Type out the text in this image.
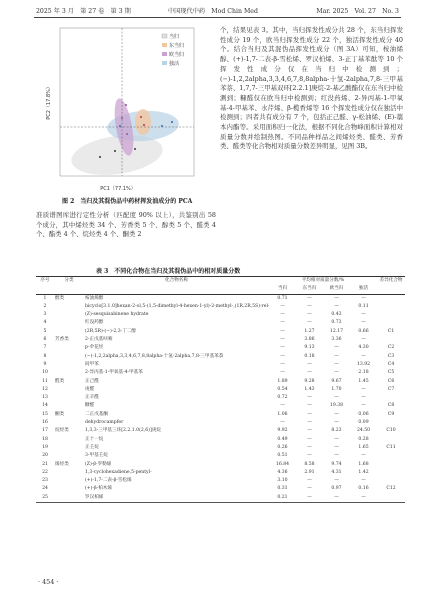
2025 年 3 月　第 27 卷　第 3 期	中国现代中药　Mod Chin Med	Mar. 2025　Vol. 27　No. 3
当归
东当归
欧当归
独活
PC1（77.1%）
PC2（17.8%）
图 2　当归及其混伪品中药材挥发油成分的 PCA

个，结果见表 3。其中，当归挥发性成分共 28 个，东当归挥发性成分 19 个，欧当归挥发性成分 22 个，独活挥发性成分 40 个。结合当归及其混伪品挥发性成分（图 3A）可知，桉油烯醇、(+)-1,7-二表-β-雪松烯、罗汉柏烯、3-正丁基苯酞等 10 个挥发性成分仅在当归中检测到；(−)-1,2,2alpha,3,3,4,6,7,8,8alpha-十氢-2alpha,7,8-三甲基苯萘、1,7,7-三甲基双环[2.2.1]庚烷-2-基乙酸酯仅在东当归中检测到；糠醛仅在欧当归中检测到；红没药烯、2-异丙基-1-甲氧基-4-甲基苯、水芹烯、β-榄香烯等 16 个挥发性成分仅在独活中检测到；四者共有成分有 7 个，包括正己醛、γ-松油烯、(E)-藁本内酯等。采用面积归一化法，根据不同化合物峰面积计算相对质量分数并绘制热图。不同品种样品之间烯烃类、醛类、芳香类、醛类等化合物相对质量分数差异明显，见图 3B。

准质谱图库进行定性分析（匹配度 90% 以上），共鉴别出 58 个成分，其中烯烃类 34 个、芳香类 5 个、醇类 5 个、醛类 4 个、酯类 4 个、烷烃类 4 个、酮类 2

表 3　不同化合物在当归及其混伪品中的相对质量分数
序号	分类	化合物名称	平均相对质量分数/%				差异化合物
			当归	东当归	欧当归	独活	
1	醇类	桉油烯醇	0.71	—	—	—	
2		bicyclo[3.1.0]hexan-2-ol,5-(1,5-dimethyl-4-hexen-1-yl)-2-methyl-,(1R,2R,5S)-rel-	—	—	—	0.11	
3		(Z)-sesquisabinene hydrate	—	—	0.43	—	
4		红没药醇	—	—	0.73	—	
5		(2R,5R)-(−)-2,3-丁二醇	—	1.27	12.17	0.66	C1
6	芳香类	2-正戊基呋喃	—	3.86	3.36	—	
7		p-伞花烃	—	9.13	—	4.30	C2
8		(−)-1,2,2alpha,3,3,4,6,7,8,8alpha-十氢-2alpha,7,8-三甲基苯萘	—	0.18	—	—	C3
9		间甲苯	—	—	—	13.92	C4
10		2-异丙基-1-甲氧基-4-甲基苯	—	—	—	2.18	C5
11	醛类	正己醛	1.89	9.28	9.67	1.45	C6
12		庚醛	0.54	1.43	1.70	—	C7
13		正辛醛	0.72	—	—	—	
14		糠醛	—	—	19.38	—	C8
15	酮类	二正戊基酮	1.06	—	—	0.06	C9
16		dehydrocampfer	—	—	—	0.09	
17	烷烃类	1,3,3-三甲基三环[2.2.1.0(2,6)]庚烷	9.92	—	8.23	24.50	C10
18		正十一烷	0.49	—	—	0.28	
19		正壬烷	0.26	—	—	1.65	C11
20		3-甲基壬烷	0.51	—	—	—	
21	烯烃类	(Z)-β-罗勒烯	16.84	8.58	9.74	1.68	
22		1,3-cyclohexadiene,5-pentyl-	4.36	2.91	4.31	1.42	
23		(+)-1,7-二表-β-雪松烯	3.10	—	—	—	
24		(+)-β-柏木烯	0.31	—	0.97	0.16	C12
25		罗汉柏烯	0.21	—	—	—	
· 454 ·
